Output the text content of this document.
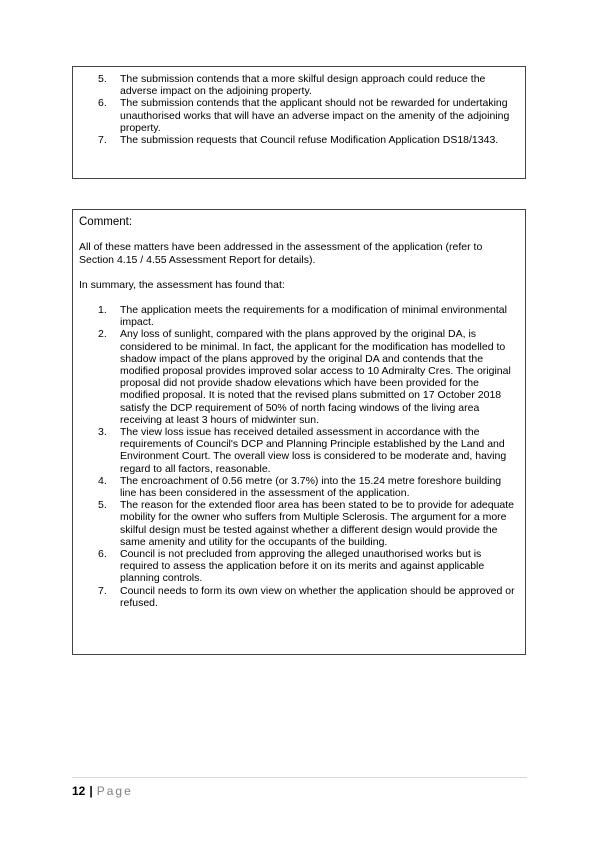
5. The submission contends that a more skilful design approach could reduce the adverse impact on the adjoining property.
6. The submission contends that the applicant should not be rewarded for undertaking unauthorised works that will have an adverse impact on the amenity of the adjoining property.
7. The submission requests that Council refuse Modification Application DS18/1343.

Comment:

All of these matters have been addressed in the assessment of the application (refer to Section 4.15 / 4.55 Assessment Report for details).

In summary, the assessment has found that:

1. The application meets the requirements for a modification of minimal environmental impact.
2. Any loss of sunlight, compared with the plans approved by the original DA, is considered to be minimal. In fact, the applicant for the modification has modelled to shadow impact of the plans approved by the original DA and contends that the modified proposal provides improved solar access to 10 Admiralty Cres. The original proposal did not provide shadow elevations which have been provided for the modified proposal. It is noted that the revised plans submitted on 17 October 2018 satisfy the DCP requirement of 50% of north facing windows of the living area receiving at least 3 hours of midwinter sun.
3. The view loss issue has received detailed assessment in accordance with the requirements of Council's DCP and Planning Principle established by the Land and Environment Court. The overall view loss is considered to be moderate and, having regard to all factors, reasonable.
4. The encroachment of 0.56 metre (or 3.7%) into the 15.24 metre foreshore building line has been considered in the assessment of the application.
5. The reason for the extended floor area has been stated to be to provide for adequate mobility for the owner who suffers from Multiple Sclerosis. The argument for a more skilful design must be tested against whether a different design would provide the same amenity and utility for the occupants of the building.
6. Council is not precluded from approving the alleged unauthorised works but is required to assess the application before it on its merits and against applicable planning controls.
7. Council needs to form its own view on whether the application should be approved or refused.
12 | Page
